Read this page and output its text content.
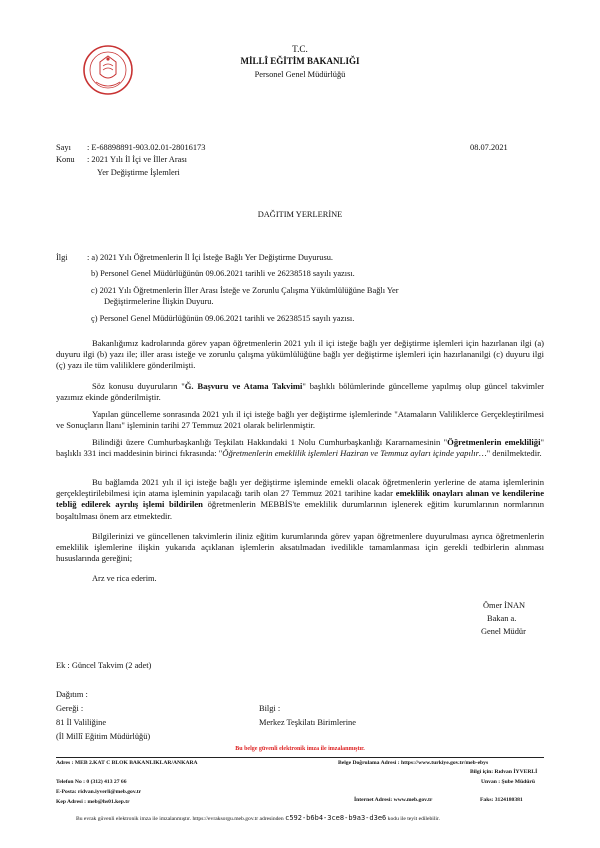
T.C.
MİLLÎ EĞİTİM BAKANLIĞI
Personel Genel Müdürlüğü
Sayı : E-68898891-903.02.01-28016173	08.07.2021
Konu : 2021 Yılı İl İçi ve İller Arası
Yer Değiştirme İşlemleri
DAĞITIM YERLERİNE
İlgi : a) 2021 Yılı Öğretmenlerin İl İçi İsteğe Bağlı Yer Değiştirme Duyurusu.
b) Personel Genel Müdürlüğünün 09.06.2021 tarihli ve 26238518 sayılı yazısı.
c) 2021 Yılı Öğretmenlerin İller Arası İsteğe ve Zorunlu Çalışma Yükümlülüğüne Bağlı Yer
Değiştirmelerine İlişkin Duyuru.
ç) Personel Genel Müdürlüğünün 09.06.2021 tarihli ve 26238515 sayılı yazısı.
Bakanlığımız kadrolarında görev yapan öğretmenlerin 2021 yılı il içi isteğe bağlı yer değiştirme işlemleri için hazırlanan ilgi (a) duyuru ilgi (b) yazı ile; iller arası isteğe ve zorunlu çalışma yükümlülüğüne bağlı yer değiştirme işlemleri için hazırlananilgi (c) duyuru ilgi (ç) yazı ile tüm valiliklere gönderilmişti.
Söz konusu duyuruların "Ğ. Başvuru ve Atama Takvimi" başlıklı bölümlerinde güncelleme yapılmış olup güncel takvimler yazımız ekinde gönderilmiştir.
Yapılan güncelleme sonrasında 2021 yılı il içi isteğe bağlı yer değiştirme işlemlerinde "Atamaların Valiliklerce Gerçekleştirilmesi ve Sonuçların İlanı" işleminin tarihi 27 Temmuz 2021 olarak belirlenmiştir.
Bilindiği üzere Cumhurbaşkanlığı Teşkilatı Hakkındaki 1 Nolu Cumhurbaşkanlığı Kararnamesinin "Öğretmenlerin emekliliği" başlıklı 331 inci maddesinin birinci fıkrasında: "Öğretmenlerin emeklilik işlemleri Haziran ve Temmuz ayları içinde yapılır…" denilmektedir.
Bu bağlamda 2021 yılı il içi isteğe bağlı yer değiştirme işleminde emekli olacak öğretmenlerin yerlerine de atama işlemlerinin gerçekleştirilebilmesi için atama işleminin yapılacağı tarih olan 27 Temmuz 2021 tarihine kadar emeklilik onayları alınan ve kendilerine tebliğ edilerek ayrılış işlemi bildirilen öğretmenlerin MEBBİS'te emeklilik durumlarının işlenerek eğitim kurumlarının normlarının boşaltılması önem arz etmektedir.
Bilgilerinizi ve güncellenen takvimlerin iliniz eğitim kurumlarında görev yapan öğretmenlere duyurulması ayrıca öğretmenlerin emeklilik işlemlerine ilişkin yukarıda açıklanan işlemlerin aksatılmadan ivedilikle tamamlanması için gerekli tedbirlerin alınması hususlarında gereğini;
Arz ve rica ederim.
Ömer İNAN
Bakan a.
Genel Müdür
Ek : Güncel Takvim (2 adet)
Dağıtım :
Gereği :
81 İl Valiliğine
(İl Millî Eğitim Müdürlüğü)
Bilgi :
Merkez Teşkilatı Birimlerine
Bu belge güvenli elektronik imza ile imzalanmıştır.
Adres : MEB 2.KAT C BLOK BAKANLIKLAR/ANKARA	Belge Doğrulama Adresi : https://www.turkiye.gov.tr/meb-ebys
Bilgi için: Rıdvan İYVERLİ
Telefon No : 0 (312) 413 27 66	Unvan : Şube Müdürü
E-Posta: ridvan.iyverli@meb.gov.tr
İnternet Adresi: www.meb.gov.tr	Faks: 3124180381
Kep Adresi : meb@hs01.kep.tr
Bu evrak güvenli elektronik imza ile imzalanmıştır. https://evraksorgu.meb.gov.tr adresinden c592-b6b4-3ce8-b9a3-d3e6 kodu ile teyit edilebilir.
